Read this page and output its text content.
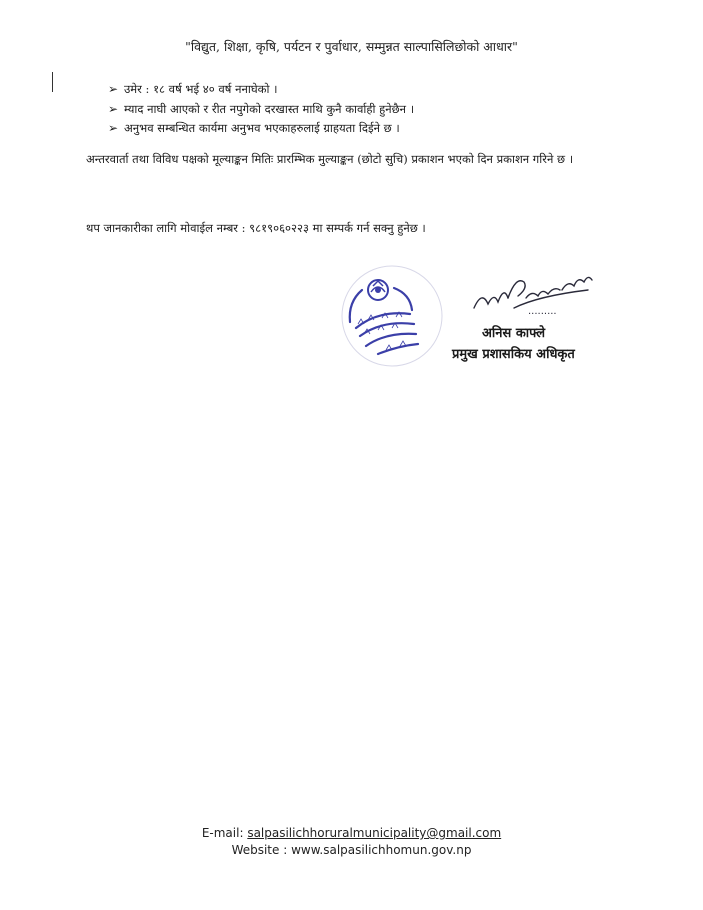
"विद्युत, शिक्षा, कृषि, पर्यटन र पुर्वाधार, सम्मुन्नत साल्पासिलिछोको आधार"
➢ उमेर : १८ वर्ष भई ४० वर्ष ननाघेको ।
➢ म्याद नाघी आएको र रीत नपुगेको दरखास्त माथि कुनै कार्वाही हुनेछैन ।
➢ अनुभव सम्बन्धित कार्यमा अनुभव भएकाहरुलाई ग्राहयता दिईने छ ।

अन्तरवार्ता तथा विविध पक्षको मूल्याङ्कन मितिः प्रारम्भिक मुल्याङ्कन (छोटो सुचि) प्रकाशन भएको दिन प्रकाशन गरिने छ ।

थप जानकारीका लागि मोवाईल नम्बर : ९८१९०६०२२३ मा सम्पर्क गर्न सक्नु हुनेछ ।

.........
अनिस काफ्ले
प्रमुख प्रशासकिय अधिकृत
E-mail: salpasilichhoruralmunicipality@gmail.com
Website : www.salpasilichhomun.gov.np
